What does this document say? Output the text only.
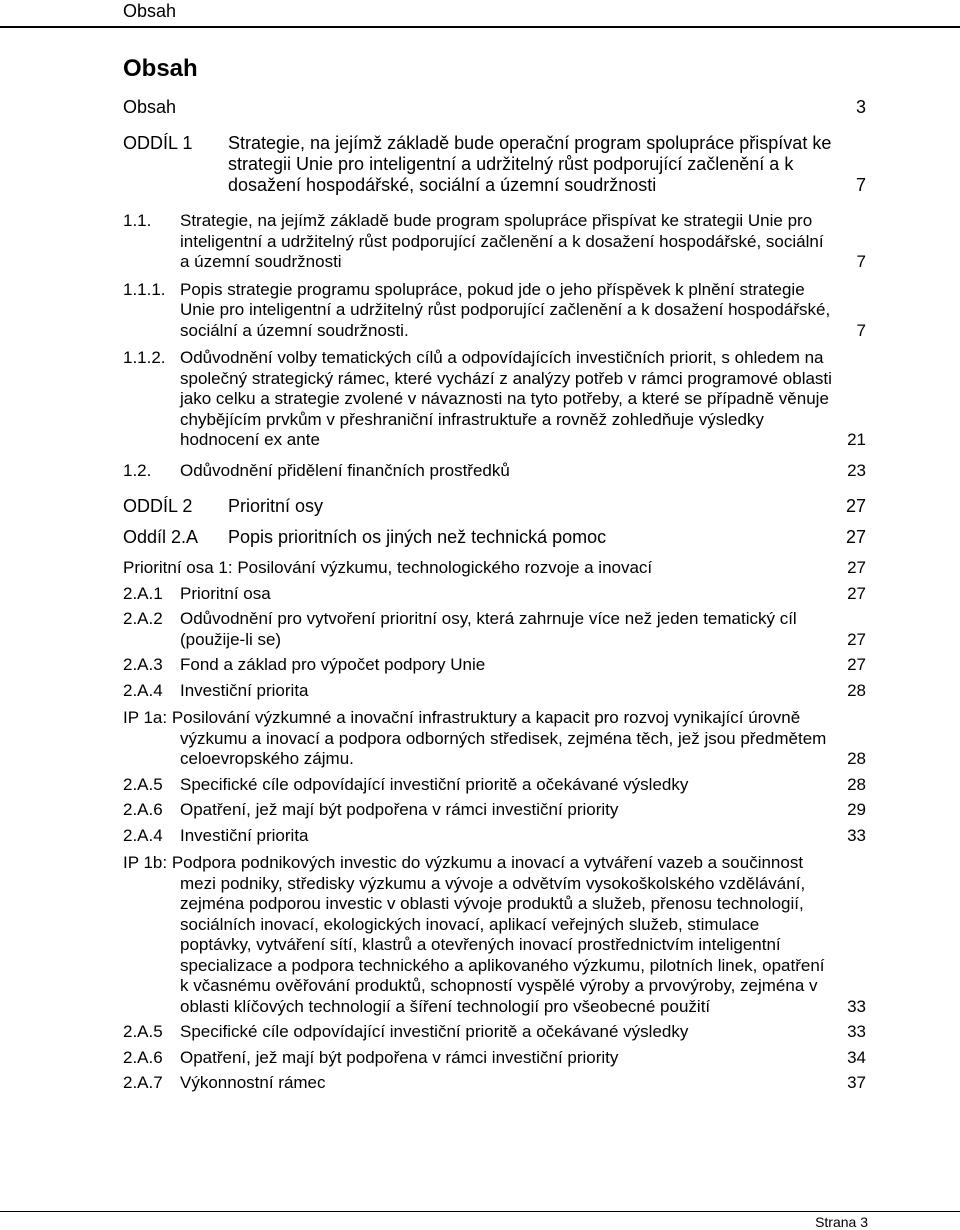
Obsah
Obsah
Obsah	3
ODDÍL 1	Strategie, na jejímž základě bude operační program spolupráce přispívat ke strategii Unie pro inteligentní a udržitelný růst podporující začlenění a k dosažení hospodářské, sociální a územní soudržnosti	7
1.1.	Strategie, na jejímž základě bude program spolupráce přispívat ke strategii Unie pro inteligentní a udržitelný růst podporující začlenění a k dosažení hospodářské, sociální a územní soudržnosti	7
1.1.1. Popis strategie programu spolupráce, pokud jde o jeho příspěvek k plnění strategie Unie pro inteligentní a udržitelný růst podporující začlenění a k dosažení hospodářské, sociální a územní soudržnosti.	7
1.1.2. Odůvodnění volby tematických cílů a odpovídajících investičních priorit, s ohledem na společný strategický rámec, které vychází z analýzy potřeb v rámci programové oblasti jako celku a strategie zvolené v návaznosti na tyto potřeby, a které se případně věnuje chybějícím prvkům v přeshraniční infrastruktuře a rovněž zohledňuje výsledky hodnocení ex ante	21
1.2.	Odůvodnění přidělení finančních prostředků	23
ODDÍL 2	Prioritní osy	27
Oddíl 2.A	Popis prioritních os jiných než technická pomoc	27
Prioritní osa 1: Posilování výzkumu, technologického rozvoje a inovací	27
2.A.1	Prioritní osa	27
2.A.2	Odůvodnění pro vytvoření prioritní osy, která zahrnuje více než jeden tematický cíl (použije-li se)	27
2.A.3	Fond a základ pro výpočet podpory Unie	27
2.A.4	Investiční priorita	28
IP 1a: Posilování výzkumné a inovační infrastruktury a kapacit pro rozvoj vynikající úrovně výzkumu a inovací a podpora odborných středisek, zejména těch, jež jsou předmětem celoevropského zájmu.	28
2.A.5	Specifické cíle odpovídající investiční prioritě a očekávané výsledky	28
2.A.6	Opatření, jež mají být podpořena v rámci investiční priority	29
2.A.4	Investiční priorita	33
IP 1b: Podpora podnikových investic do výzkumu a inovací a vytváření vazeb a součinnost mezi podniky, středisky výzkumu a vývoje a odvětvím vysokoškolského vzdělávání, zejména podporou investic v oblasti vývoje produktů a služeb, přenosu technologií, sociálních inovací, ekologických inovací, aplikací veřejných služeb, stimulace poptávky, vytváření sítí, klastrů a otevřených inovací prostřednictvím inteligentní specializace a podpora technického a aplikovaného výzkumu, pilotních linek, opatření k včasnému ověřování produktů, schopností vyspělé výroby a prvovýroby, zejména v oblasti klíčových technologií a šíření technologií pro všeobecné použití	33
2.A.5	Specifické cíle odpovídající investiční prioritě a očekávané výsledky	33
2.A.6	Opatření, jež mají být podpořena v rámci investiční priority	34
2.A.7	Výkonnostní rámec	37
Strana 3
